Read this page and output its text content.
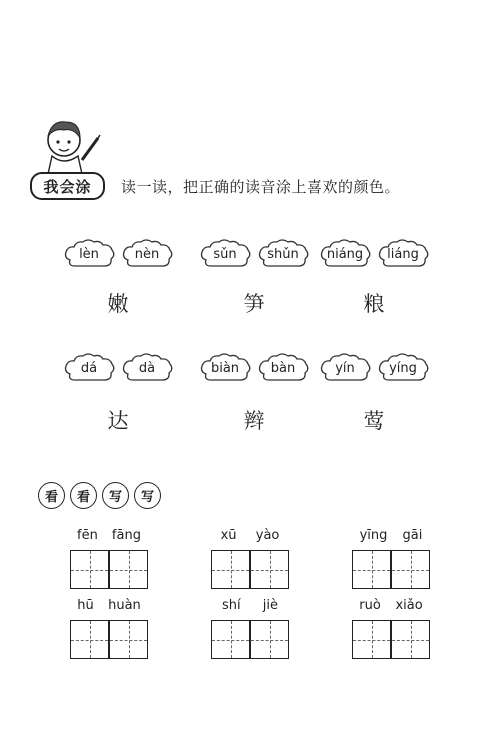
我会涂	读一读，把正确的读音涂上喜欢的颜色。
lèn	nèn
嫩
sǔn	shǔn
笋
niáng	liáng
粮
dá	dà
达
biàn	bàn
辫
yín	yíng
莺
看	看	写	写
fēn fāng	xū yào	yīng gāi
hū huàn	shí jiè	ruò xiǎo
